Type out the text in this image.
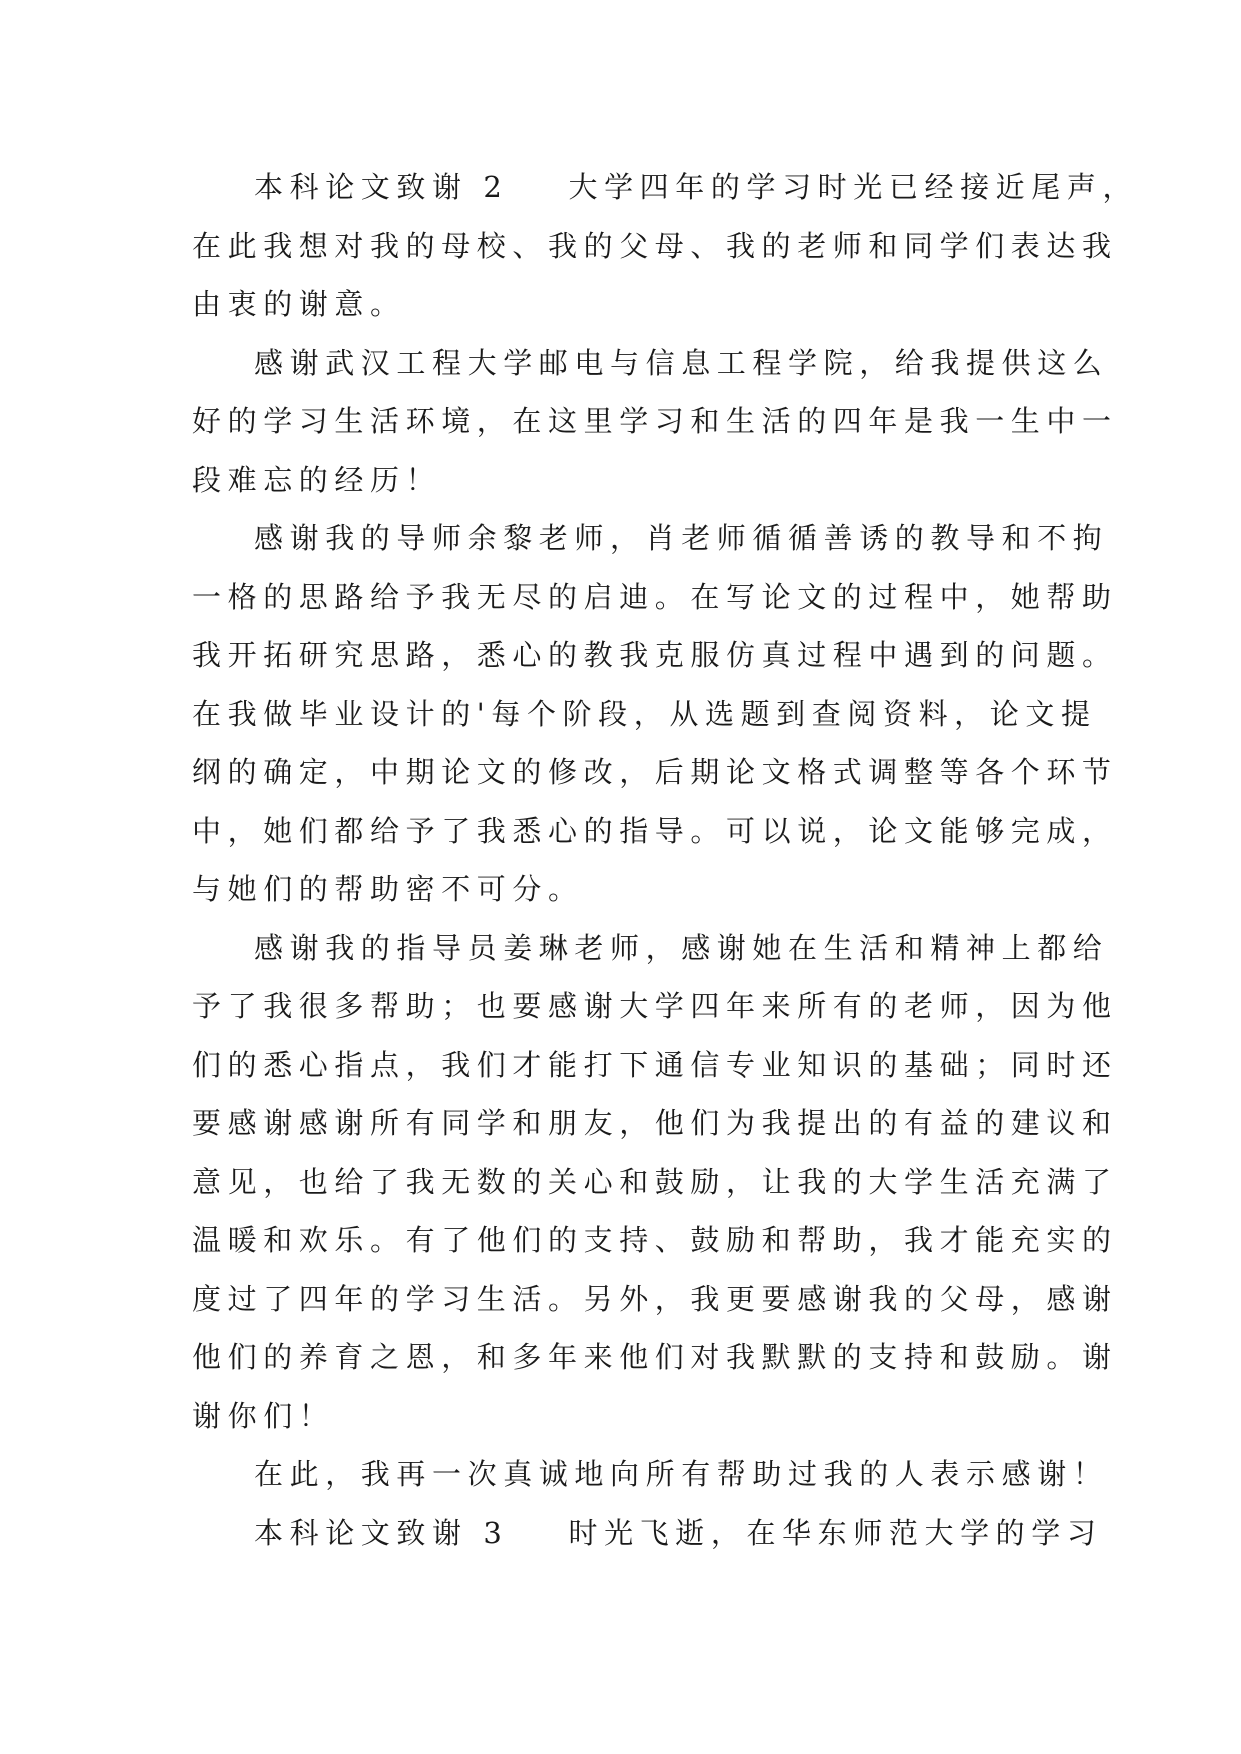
本科论文致谢 2 大学四年的学习时光已经接近尾声，
在此我想对我的母校、我的父母、我的老师和同学们表达我
由衷的谢意。
感谢武汉工程大学邮电与信息工程学院，给我提供这么
好的学习生活环境，在这里学习和生活的四年是我一生中一
段难忘的经历！
感谢我的导师余黎老师，肖老师循循善诱的教导和不拘
一格的思路给予我无尽的启迪。在写论文的过程中，她帮助
我开拓研究思路，悉心的教我克服仿真过程中遇到的问题。
在我做毕业设计的'每个阶段，从选题到查阅资料，论文提
纲的确定，中期论文的修改，后期论文格式调整等各个环节
中，她们都给予了我悉心的指导。可以说，论文能够完成，
与她们的帮助密不可分。
感谢我的指导员姜琳老师，感谢她在生活和精神上都给
予了我很多帮助；也要感谢大学四年来所有的老师，因为他
们的悉心指点，我们才能打下通信专业知识的基础；同时还
要感谢感谢所有同学和朋友，他们为我提出的有益的建议和
意见，也给了我无数的关心和鼓励，让我的大学生活充满了
温暖和欢乐。有了他们的支持、鼓励和帮助，我才能充实的
度过了四年的学习生活。另外，我更要感谢我的父母，感谢
他们的养育之恩，和多年来他们对我默默的支持和鼓励。谢
谢你们！
在此，我再一次真诚地向所有帮助过我的人表示感谢！
本科论文致谢 3 时光飞逝，在华东师范大学的学习
